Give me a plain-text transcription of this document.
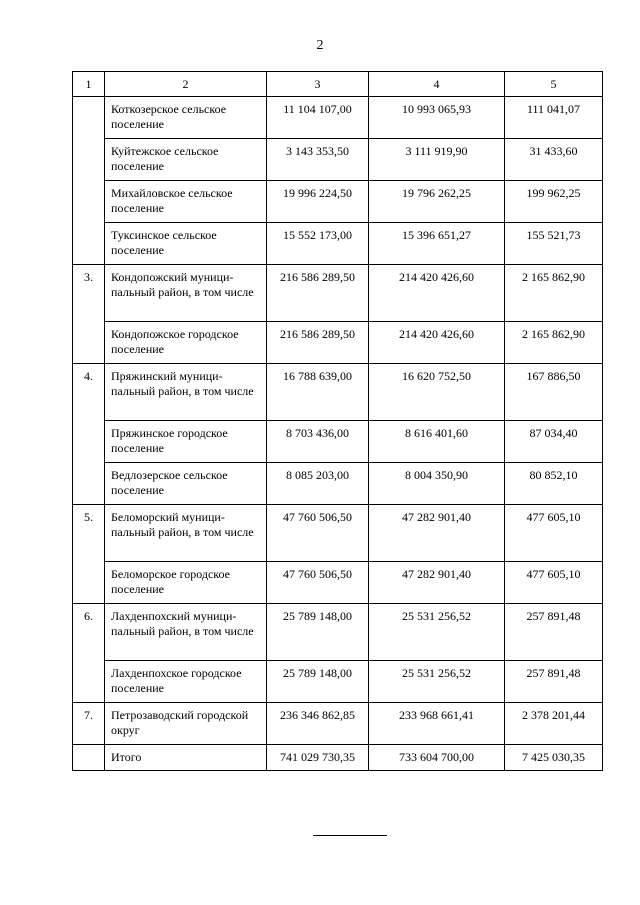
2
1	2	3	4	5
	Коткозерское сельское поселение	11 104 107,00	10 993 065,93	111 041,07
	Куйтежское сельское поселение	3 143 353,50	3 111 919,90	31 433,60
	Михайловское сельское поселение	19 996 224,50	19 796 262,25	199 962,25
	Туксинское сельское поселение	15 552 173,00	15 396 651,27	155 521,73
3.	Кондопожский муници-пальный район, в том числе	216 586 289,50	214 420 426,60	2 165 862,90
	Кондопожское городское поселение	216 586 289,50	214 420 426,60	2 165 862,90
4.	Пряжинский муници-пальный район, в том числе	16 788 639,00	16 620 752,50	167 886,50
	Пряжинское городское поселение	8 703 436,00	8 616 401,60	87 034,40
	Ведлозерское сельское поселение	8 085 203,00	8 004 350,90	80 852,10
5.	Беломорский муници-пальный район, в том числе	47 760 506,50	47 282 901,40	477 605,10
	Беломорское городское поселение	47 760 506,50	47 282 901,40	477 605,10
6.	Лахденпохский муници-пальный район, в том числе	25 789 148,00	25 531 256,52	257 891,48
	Лахденпохское городское поселение	25 789 148,00	25 531 256,52	257 891,48
7.	Петрозаводский городской округ	236 346 862,85	233 968 661,41	2 378 201,44
	Итого	741 029 730,35	733 604 700,00	7 425 030,35
